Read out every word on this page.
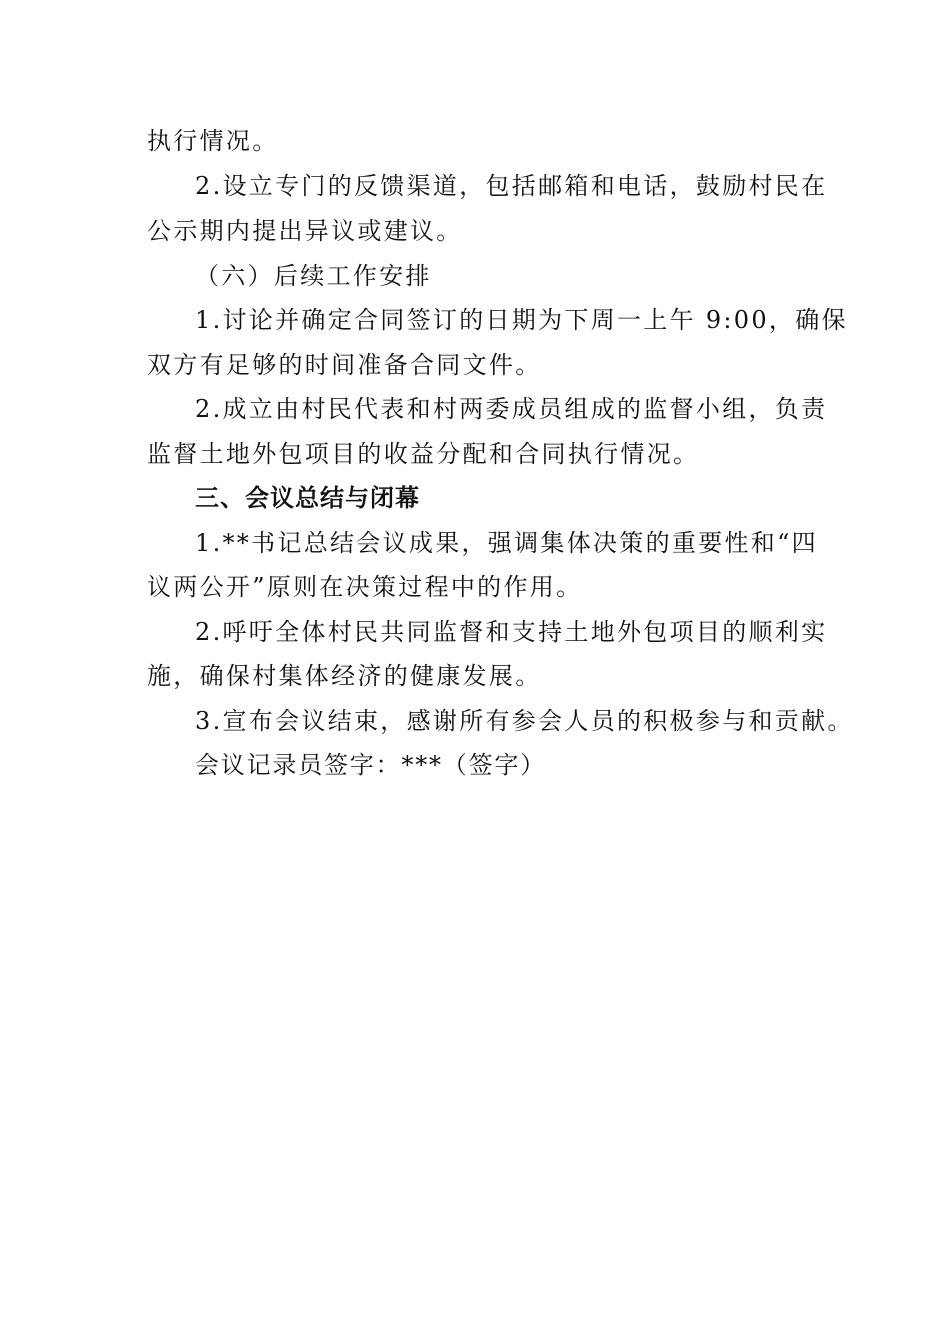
执行情况。
2.设立专门的反馈渠道，包括邮箱和电话，鼓励村民在
公示期内提出异议或建议。
（六）后续工作安排
1.讨论并确定合同签订的日期为下周一上午 9:00，确保
双方有足够的时间准备合同文件。
2.成立由村民代表和村两委成员组成的监督小组，负责
监督土地外包项目的收益分配和合同执行情况。
三、会议总结与闭幕
1.**书记总结会议成果，强调集体决策的重要性和“四
议两公开”原则在决策过程中的作用。
2.呼吁全体村民共同监督和支持土地外包项目的顺利实
施，确保村集体经济的健康发展。
3.宣布会议结束，感谢所有参会人员的积极参与和贡献。
会议记录员签字：***（签字）
